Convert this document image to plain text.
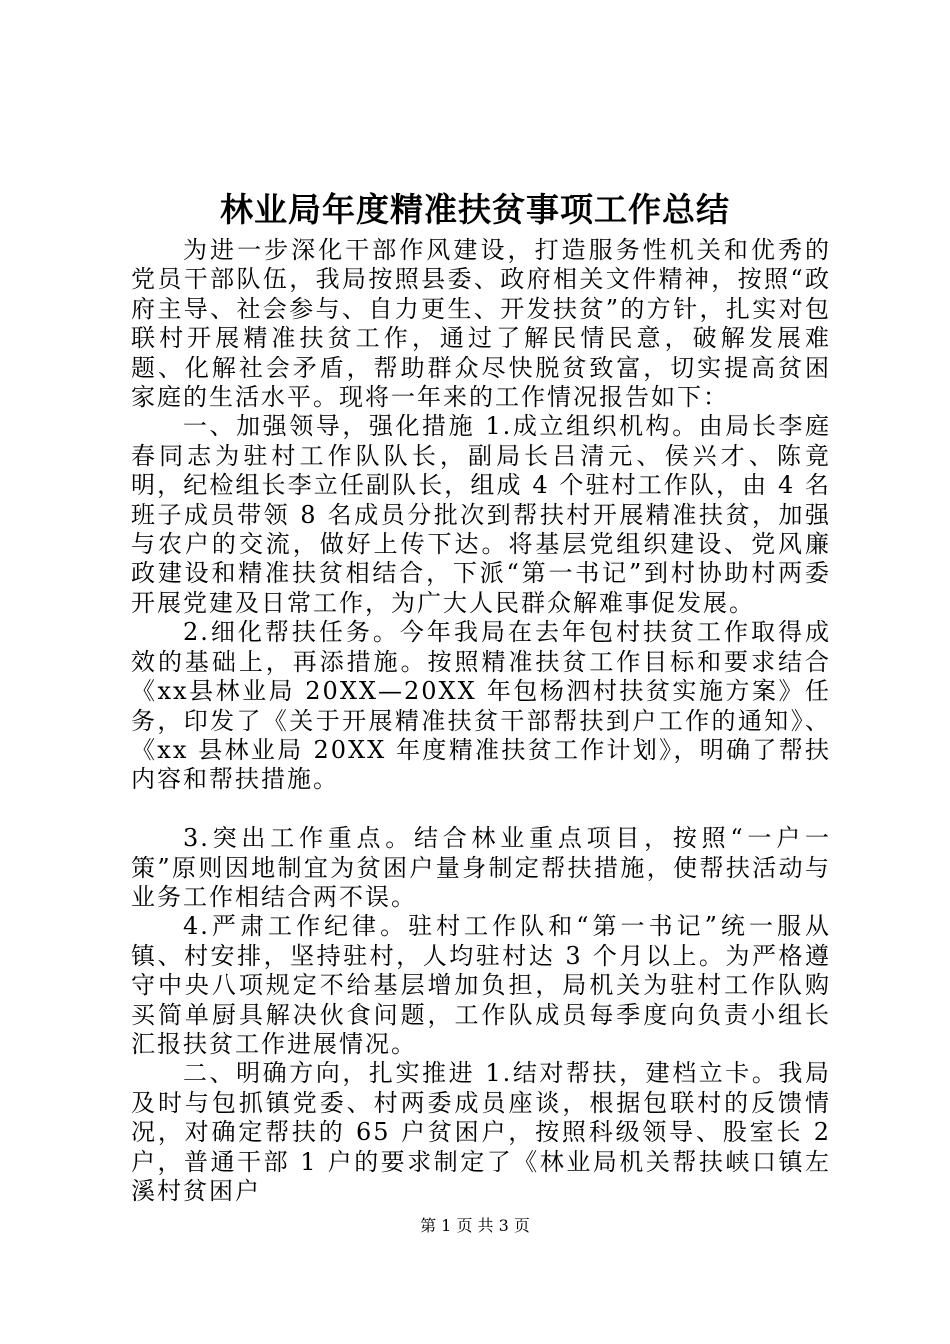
林业局年度精准扶贫事项工作总结

为进一步深化干部作风建设，打造服务性机关和优秀的党员干部队伍，我局按照县委、政府相关文件精神，按照“政府主导、社会参与、自力更生、开发扶贫”的方针，扎实对包联村开展精准扶贫工作，通过了解民情民意，破解发展难题、化解社会矛盾，帮助群众尽快脱贫致富，切实提高贫困家庭的生活水平。现将一年来的工作情况报告如下：

一、加强领导，强化措施 1.成立组织机构。由局长李庭春同志为驻村工作队队长，副局长吕清元、侯兴才、陈竟明，纪检组长李立任副队长，组成 4 个驻村工作队，由 4 名班子成员带领 8 名成员分批次到帮扶村开展精准扶贫，加强与农户的交流，做好上传下达。将基层党组织建设、党风廉政建设和精准扶贫相结合，下派“第一书记”到村协助村两委开展党建及日常工作，为广大人民群众解难事促发展。

2.细化帮扶任务。今年我局在去年包村扶贫工作取得成效的基础上，再添措施。按照精准扶贫工作目标和要求结合《xx县林业局 20XX—20XX 年包杨泗村扶贫实施方案》任务，印发了《关于开展精准扶贫干部帮扶到户工作的通知》、《xx 县林业局 20XX 年度精准扶贫工作计划》，明确了帮扶内容和帮扶措施。

3.突出工作重点。结合林业重点项目，按照“一户一策”原则因地制宜为贫困户量身制定帮扶措施，使帮扶活动与业务工作相结合两不误。

4.严肃工作纪律。驻村工作队和“第一书记”统一服从镇、村安排，坚持驻村，人均驻村达 3 个月以上。为严格遵守中央八项规定不给基层增加负担，局机关为驻村工作队购买简单厨具解决伙食问题，工作队成员每季度向负责小组长汇报扶贫工作进展情况。

二、明确方向，扎实推进 1.结对帮扶，建档立卡。我局及时与包抓镇党委、村两委成员座谈，根据包联村的反馈情况，对确定帮扶的 65 户贫困户，按照科级领导、股室长 2 户，普通干部 1 户的要求制定了《林业局机关帮扶峡口镇左溪村贫困户

第 1 页 共 3 页
